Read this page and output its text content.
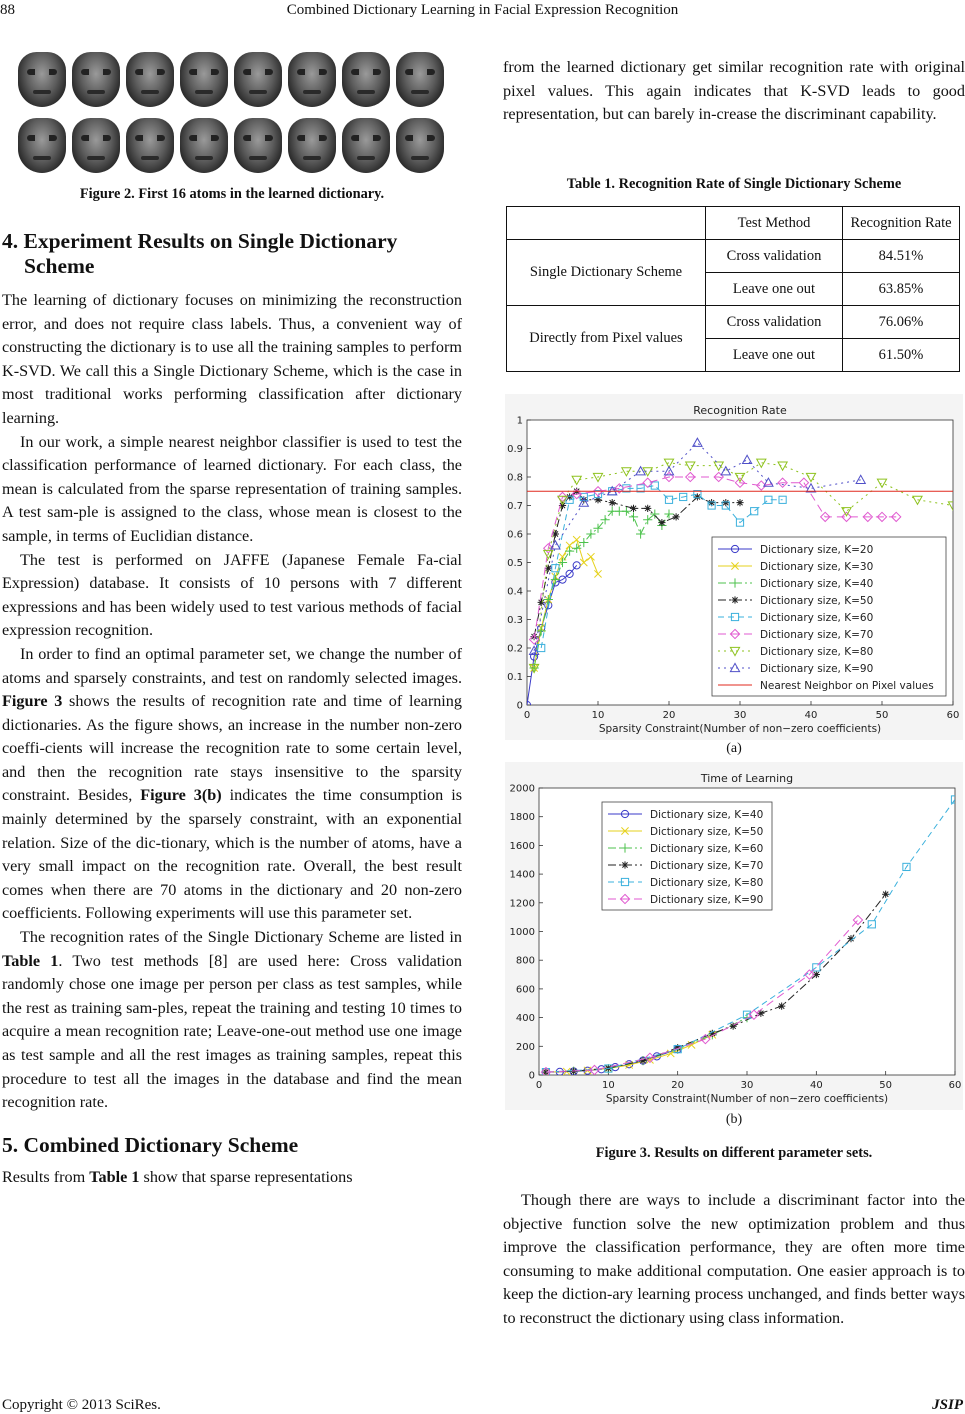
88	Combined Dictionary Learning in Facial Expression Recognition
Figure 2. First 16 atoms in the learned dictionary.
4. Experiment Results on Single Dictionary
Scheme

The learning of dictionary focuses on minimizing the reconstruction error, and does not require class labels. Thus, a convenient way of constructing the dictionary is to use all the training samples to perform K-SVD. We call this a Single Dictionary Scheme, which is the case in most traditional works performing classification after dictionary learning.

In our work, a simple nearest neighbor classifier is used to test the classification performance of learned dictionary. For each class, the mean is calculated from the sparse representation of training samples. A test sam-ple is assigned to the class, whose mean is closest to the sample, in terms of Euclidian distance.

The test is performed on JAFFE (Japanese Female Fa-cial Expression) database. It consists of 10 persons with 7 different expressions and has been widely used to test various methods of facial expression recognition.

In order to find an optimal parameter set, we change the number of atoms and sparsely constraints, and test on randomly selected images. Figure 3 shows the results of recognition rate and time of learning dictionaries. As the figure shows, an increase in the number non-zero coeffi-cients will increase the recognition rate to some certain level, and then the recognition rate stays insensitive to the sparsity constraint. Besides, Figure 3(b) indicates the time consumption is mainly determined by the sparsely constraint, with an exponential relation. Size of the dic-tionary, which is the number of atoms, have a very small impact on the recognition rate. Overall, the best result comes when there are 70 atoms in the dictionary and 20 non-zero coefficients. Following experiments will use this parameter set.

The recognition rates of the Single Dictionary Scheme are listed in Table 1. Two test methods [8] are used here: Cross validation randomly chose one image per person per class as test samples, while the rest as training sam-ples, repeat the training and testing 10 times to acquire a mean recognition rate; Leave-one-out method use one image as test sample and all the rest images as training samples, repeat this procedure to test all the images in the database and find the mean recognition rate.

5. Combined Dictionary Scheme

Results from Table 1 show that sparse representations

from the learned dictionary get similar recognition rate with original pixel values. This again indicates that K-SVD leads to good representation, but can barely in-crease the discriminant capability.

Table 1. Recognition Rate of Single Dictionary Scheme
	Test Method	Recognition Rate
Single Dictionary Scheme	Cross validation	84.51%
	Leave one out	63.85%
Directly from Pixel values	Cross validation	76.06%
	Leave one out	61.50%
0	10	20	30	40	50	60
0
0.1
0.2
0.3
0.4
0.5
0.6
0.7
0.8
0.9
1
Recognition Rate
Sparsity Constraint(Number of non−zero coefficients)
Dictionary size, K=20
Dictionary size, K=30
Dictionary size, K=40
Dictionary size, K=50
Dictionary size, K=60
Dictionary size, K=70
Dictionary size, K=80
Dictionary size, K=90
Nearest Neighbor on Pixel values
(a)
0	10	20	30	40	50	60
0
200
400
600
800
1000
1200
1400
1600
1800
2000
Time of Learning
Sparsity Constraint(Number of non−zero coefficients)
Dictionary size, K=40
Dictionary size, K=50
Dictionary size, K=60
Dictionary size, K=70
Dictionary size, K=80
Dictionary size, K=90
(b)
Figure 3. Results on different parameter sets.

Though there are ways to include a discriminant factor into the objective function solve the new optimization problem and thus improve the classification performance, they are often more time consuming to make additional computation. One easier approach is to keep the diction-ary learning process unchanged, and finds better ways to reconstruct the dictionary using class information.

Copyright © 2013 SciRes.	JSIP
